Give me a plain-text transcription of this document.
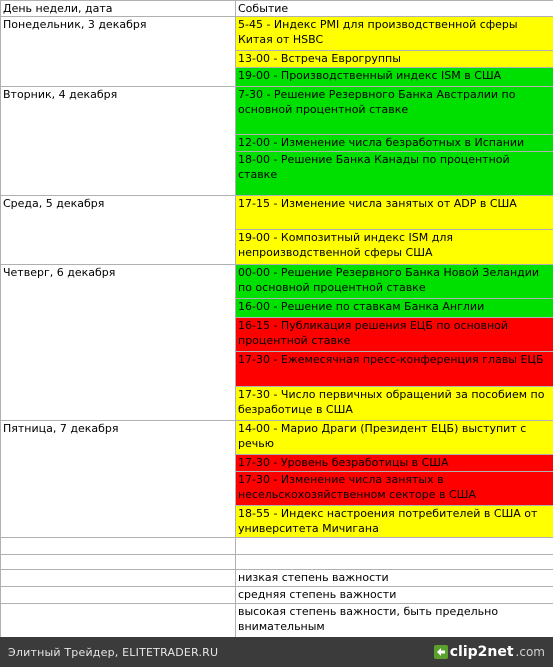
День недели, дата	Событие
Понедельник, 3 декабря	5-45 - Индекс PMI для производственной сферы Китая от HSBC
	13-00 - Встреча Еврогруппы
	19-00 - Производственный индекс ISM в США
Вторник, 4 декабря	7-30 - Решение Резервного Банка Австралии по основной процентной ставке
	12-00 - Изменение числа безработных в Испании
	18-00 - Решение Банка Канады по процентной ставке
Среда, 5 декабря	17-15 - Изменение числа занятых от ADP в США
	19-00 - Композитный индекс ISM для непроизводственной сферы США
Четверг, 6 декабря	00-00 - Решение Резервного Банка Новой Зеландии по основной процентной ставке
	16-00 - Решение по ставкам Банка Англии
	16-15 - Публикация решения ЕЦБ по основной процентной ставке
	17-30 - Ежемесячная пресс-конференция главы ЕЦБ
	17-30 - Число первичных обращений за пособием по безработице в США
Пятница, 7 декабря	14-00 - Марио Драги (Президент ЕЦБ) выступит с речью
	17-30 - Уровень безработицы в США
	17-30 - Изменение числа занятых в несельскохозяйственном секторе в США
	18-55 - Индекс настроения потребителей в США от университета Мичигана

	низкая степень важности
	средняя степень важности
	высокая степень важности, быть предельно внимательным
Элитный Трейдер, ELITETRADER.RU	clip2net .com
